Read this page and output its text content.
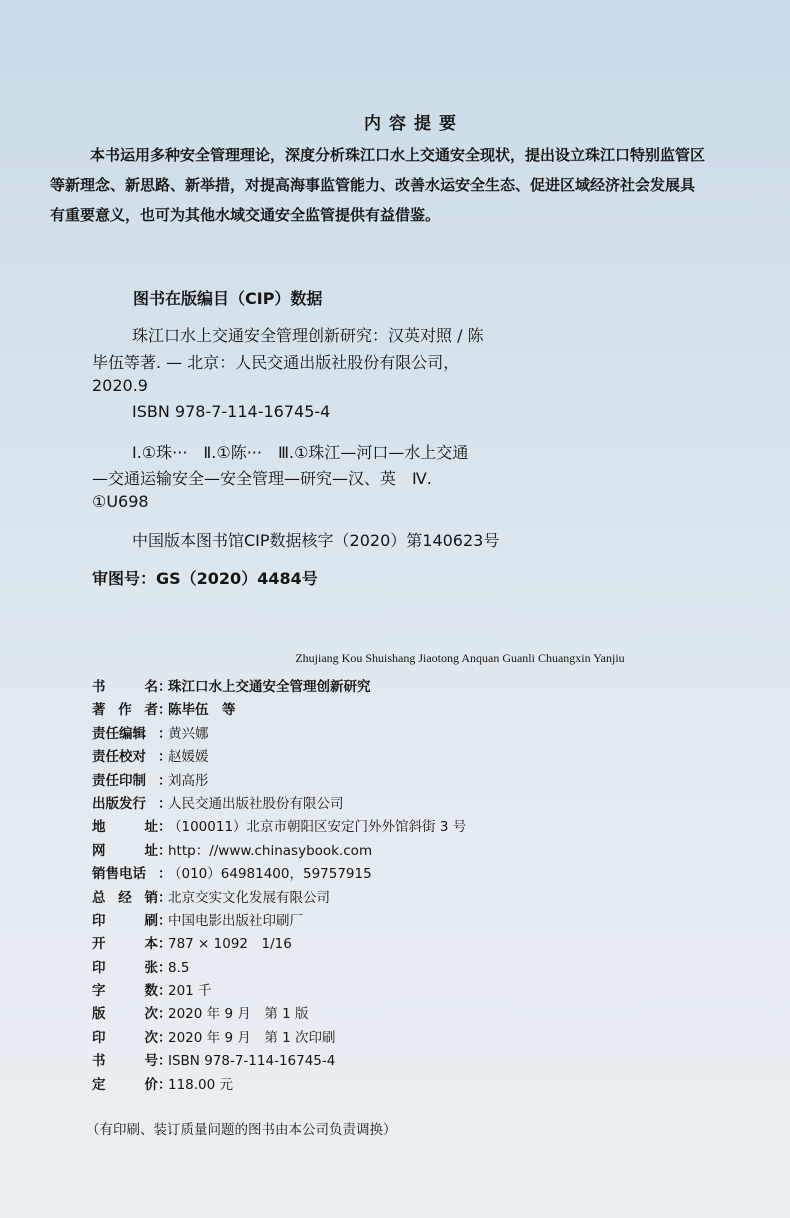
内容提要
本书运用多种安全管理理论，深度分析珠江口水上交通安全现状，提出设立珠江口特别监管区
等新理念、新思路、新举措，对提高海事监管能力、改善水运安全生态、促进区域经济社会发展具
有重要意义，也可为其他水域交通安全监管提供有益借鉴。
图书在版编目（CIP）数据
珠江口水上交通安全管理创新研究：汉英对照 / 陈
毕伍等著. — 北京：人民交通出版社股份有限公司，
2020.9
ISBN 978-7-114-16745-4
Ⅰ.①珠···　Ⅱ.①陈···　Ⅲ.①珠江—河口—水上交通
—交通运输安全—安全管理—研究—汉、英　Ⅳ.
①U698
中国版本图书馆CIP数据核字（2020）第140623号
审图号：GS（2020）4484号
Zhujiang Kou Shuishang Jiaotong Anquan Guanli Chuangxin Yanjiu
书	名 ：
珠江口水上交通安全管理创新研究
著 作 者 ：
陈毕伍　等
责任编辑 ：
黄兴娜
责任校对 ：
赵媛媛
责任印制 ：
刘高彤
出版发行 ：
人民交通出版社股份有限公司
地	址 ：
（100011）北京市朝阳区安定门外外馆斜街 3 号
网	址 ：
http：//www.chinasybook.com
销售电话 ：
（010）64981400，59757915
总 经 销 ：
北京交实文化发展有限公司
印	刷 ：
中国电影出版社印刷厂
开	本 ：
787 × 1092　1/16
印	张 ：
8.5
字	数 ：
201 千
版	次 ：
2020 年 9 月　第 1 版
印	次 ：
2020 年 9 月　第 1 次印刷
书	号 ：
ISBN 978-7-114-16745-4
定	价 ：
118.00 元
（有印刷、装订质量问题的图书由本公司负责调换）
